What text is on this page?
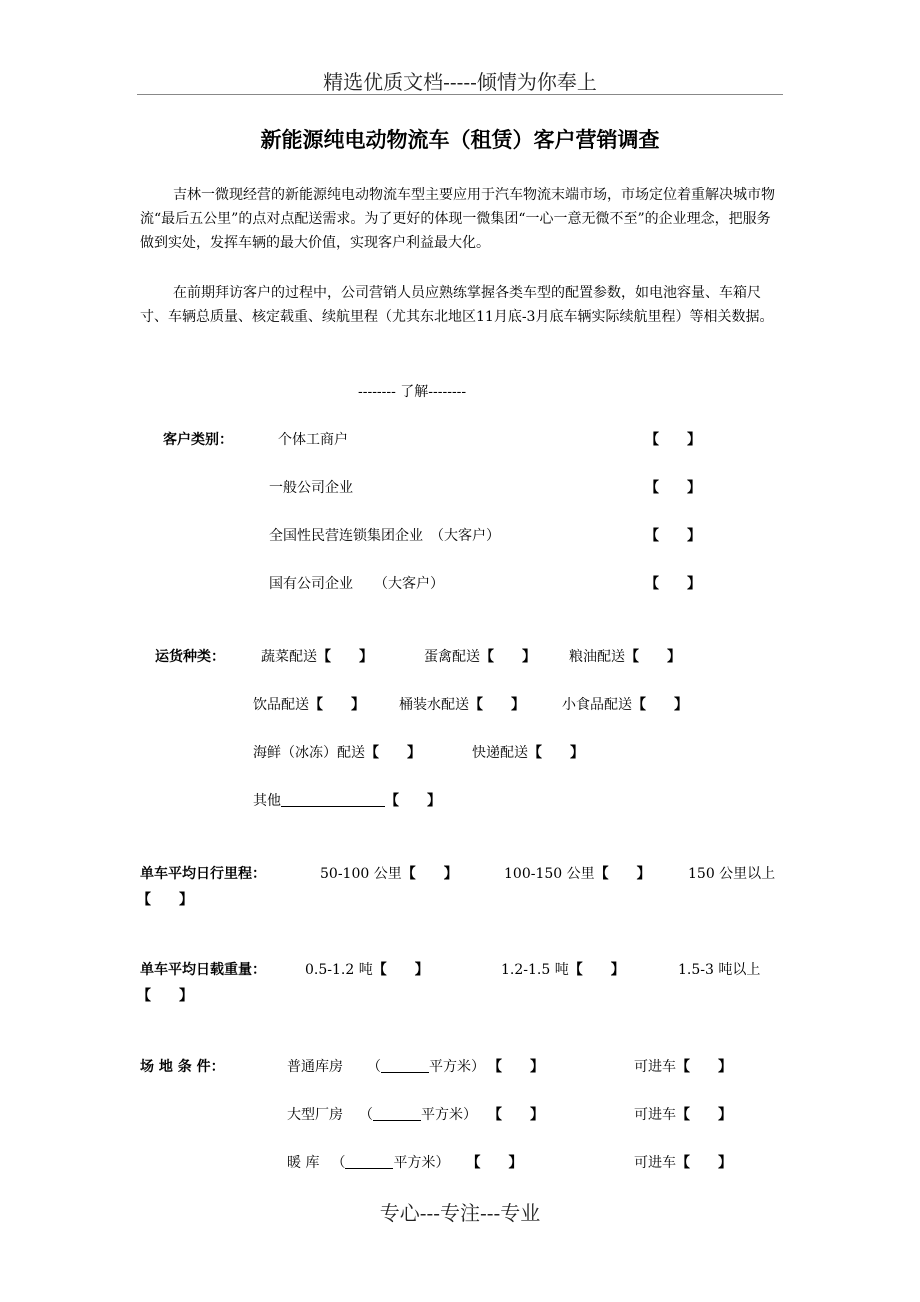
精选优质文档-----倾情为你奉上
新能源纯电动物流车（租赁）客户营销调查
吉林一微现经营的新能源纯电动物流车型主要应用于汽车物流末端市场，市场定位着重解决城市物流“最后五公里”的点对点配送需求。为了更好的体现一微集团“一心一意无微不至”的企业理念，把服务做到实处，发挥车辆的最大价值，实现客户利益最大化。
在前期拜访客户的过程中，公司营销人员应熟练掌握各类车型的配置参数，如电池容量、车箱尺寸、车辆总质量、核定载重、续航里程（尤其东北地区11月底-3月底车辆实际续航里程）等相关数据。
-------- 了解--------
客户类别：	个体工商户	【　　】
一般公司企业	【　　】
全国性民营连锁集团企业　（大客户）	【　　】
国有公司企业　　（大客户）	【　　】
运货种类：	蔬菜配送【　　】	蛋禽配送【　　】 粮油配送【　　】
饮品配送【　　】 桶装水配送【　　】	小食品配送【　　】
海鲜（冰冻）配送【　　】	快递配送【　　】
其他	【　　】
单车平均日行里程：	50-100 公里【　　】	100-150 公里【　　】	150 公里以上
【　　】
单车平均日载重量：	0.5-1.2 吨【　　】	1.2-1.5 吨【　　】	1.5-3 吨以上
【　　】
场 地 条 件：	普通库房 （	平方米） 【　　】	可进车【　　】
大型厂房 （	平方米） 【　　】	可进车【　　】
暖 库 （	平方米） 【　　】	可进车【　　】
专心---专注---专业
